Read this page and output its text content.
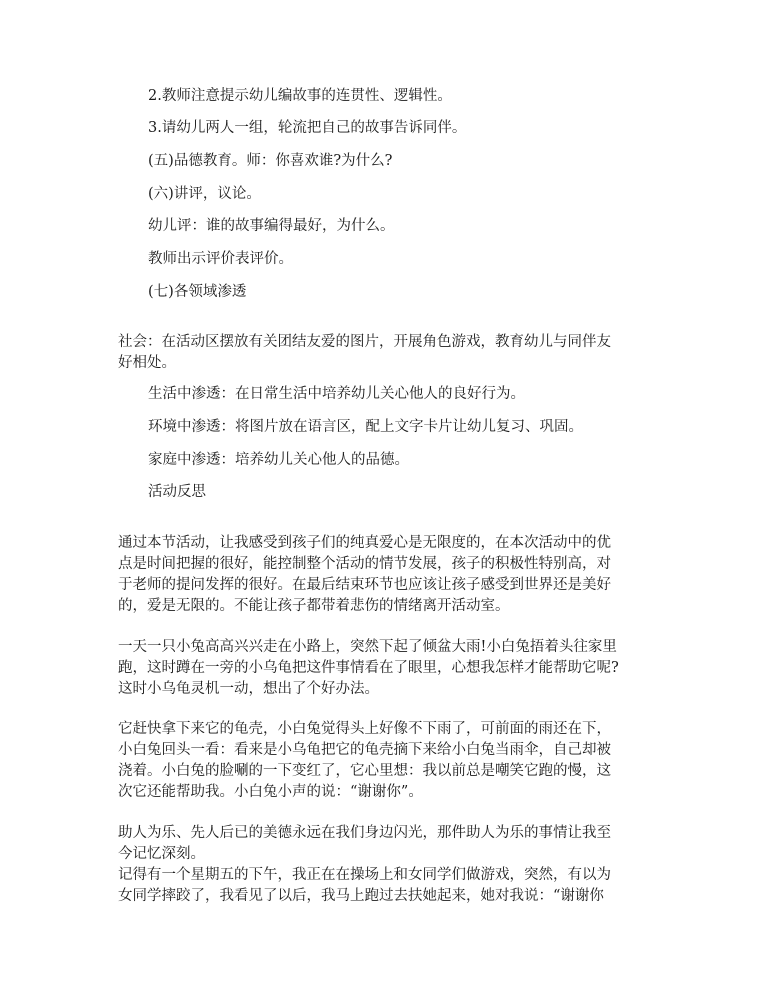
2.教师注意提示幼儿编故事的连贯性、逻辑性。

3.请幼儿两人一组，轮流把自己的故事告诉同伴。

(五)品德教育。师：你喜欢谁?为什么?

(六)讲评，议论。

幼儿评：谁的故事编得最好，为什么。

教师出示评价表评价。

(七)各领域渗透

社会：在活动区摆放有关团结友爱的图片，开展角色游戏，教育幼儿与同伴友
好相处。

生活中渗透：在日常生活中培养幼儿关心他人的良好行为。

环境中渗透：将图片放在语言区，配上文字卡片让幼儿复习、巩固。

家庭中渗透：培养幼儿关心他人的品德。

活动反思

通过本节活动，让我感受到孩子们的纯真爱心是无限度的，在本次活动中的优
点是时间把握的很好，能控制整个活动的情节发展，孩子的积极性特别高，对
于老师的提问发挥的很好。在最后结束环节也应该让孩子感受到世界还是美好
的，爱是无限的。不能让孩子都带着悲伤的情绪离开活动室。

一天一只小兔高高兴兴走在小路上，突然下起了倾盆大雨!小白兔捂着头往家里
跑，这时蹲在一旁的小乌龟把这件事情看在了眼里，心想我怎样才能帮助它呢?
这时小乌龟灵机一动，想出了个好办法。

它赶快拿下来它的龟壳，小白兔觉得头上好像不下雨了，可前面的雨还在下，
小白兔回头一看：看来是小乌龟把它的龟壳摘下来给小白兔当雨伞，自己却被
浇着。小白兔的脸唰的一下变红了，它心里想：我以前总是嘲笑它跑的慢，这
次它还能帮助我。小白兔小声的说：“谢谢你”。

助人为乐、先人后已的美德永远在我们身边闪光，那件助人为乐的事情让我至
今记忆深刻。
记得有一个星期五的下午，我正在在操场上和女同学们做游戏，突然，有以为
女同学摔跤了，我看见了以后，我马上跑过去扶她起来，她对我说：“谢谢你
